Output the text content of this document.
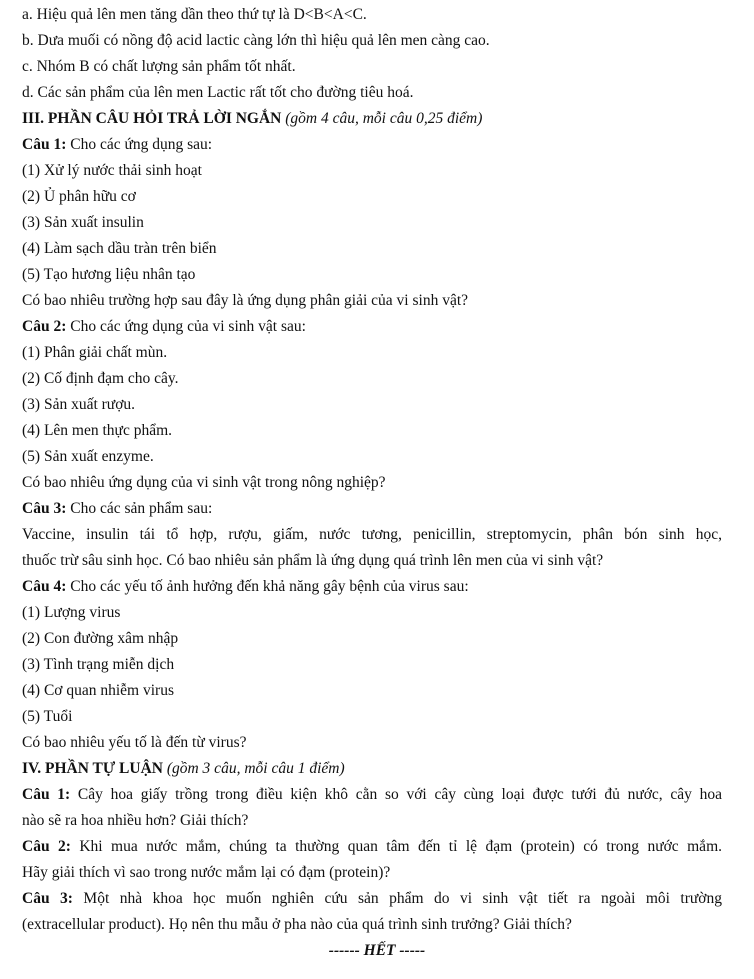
a. Hiệu quả lên men tăng dần theo thứ tự là D<B<A<C.
b. Dưa muối có nồng độ acid lactic càng lớn thì hiệu quả lên men càng cao.
c. Nhóm B có chất lượng sản phẩm tốt nhất.
d. Các sản phẩm của lên men Lactic rất tốt cho đường tiêu hoá.
III. PHẦN CÂU HỎI TRẢ LỜI NGẮN (gồm 4 câu, mỗi câu 0,25 điểm)
Câu 1: Cho các ứng dụng sau:
(1) Xử lý nước thải sinh hoạt
(2) Ủ phân hữu cơ
(3) Sản xuất insulin
(4) Làm sạch dầu tràn trên biển
(5) Tạo hương liệu nhân tạo
Có bao nhiêu trường hợp sau đây là ứng dụng phân giải của vi sinh vật?
Câu 2: Cho các ứng dụng của vi sinh vật sau:
(1) Phân giải chất mùn.
(2) Cố định đạm cho cây.
(3) Sản xuất rượu.
(4) Lên men thực phẩm.
(5) Sản xuất enzyme.
Có bao nhiêu ứng dụng của vi sinh vật trong nông nghiệp?
Câu 3: Cho các sản phẩm sau:
Vaccine, insulin tái tổ hợp, rượu, giấm, nước tương, penicillin, streptomycin, phân bón sinh học,
thuốc trừ sâu sinh học. Có bao nhiêu sản phẩm là ứng dụng quá trình lên men của vi sinh vật?
Câu 4: Cho các yếu tố ảnh hưởng đến khả năng gây bệnh của virus sau:
(1) Lượng virus
(2) Con đường xâm nhập
(3) Tình trạng miễn dịch
(4) Cơ quan nhiễm virus
(5) Tuổi
Có bao nhiêu yếu tố là đến từ virus?
IV. PHẦN TỰ LUẬN (gồm 3 câu, mỗi câu 1 điểm)
Câu 1: Cây hoa giấy trồng trong điều kiện khô cằn so với cây cùng loại được tưới đủ nước, cây hoa
nào sẽ ra hoa nhiều hơn? Giải thích?
Câu 2: Khi mua nước mắm, chúng ta thường quan tâm đến tỉ lệ đạm (protein) có trong nước mắm.
Hãy giải thích vì sao trong nước mắm lại có đạm (protein)?
Câu 3: Một nhà khoa học muốn nghiên cứu sản phẩm do vi sinh vật tiết ra ngoài môi trường
(extracellular product). Họ nên thu mẫu ở pha nào của quá trình sinh trưởng? Giải thích?
------ HẾT -----
